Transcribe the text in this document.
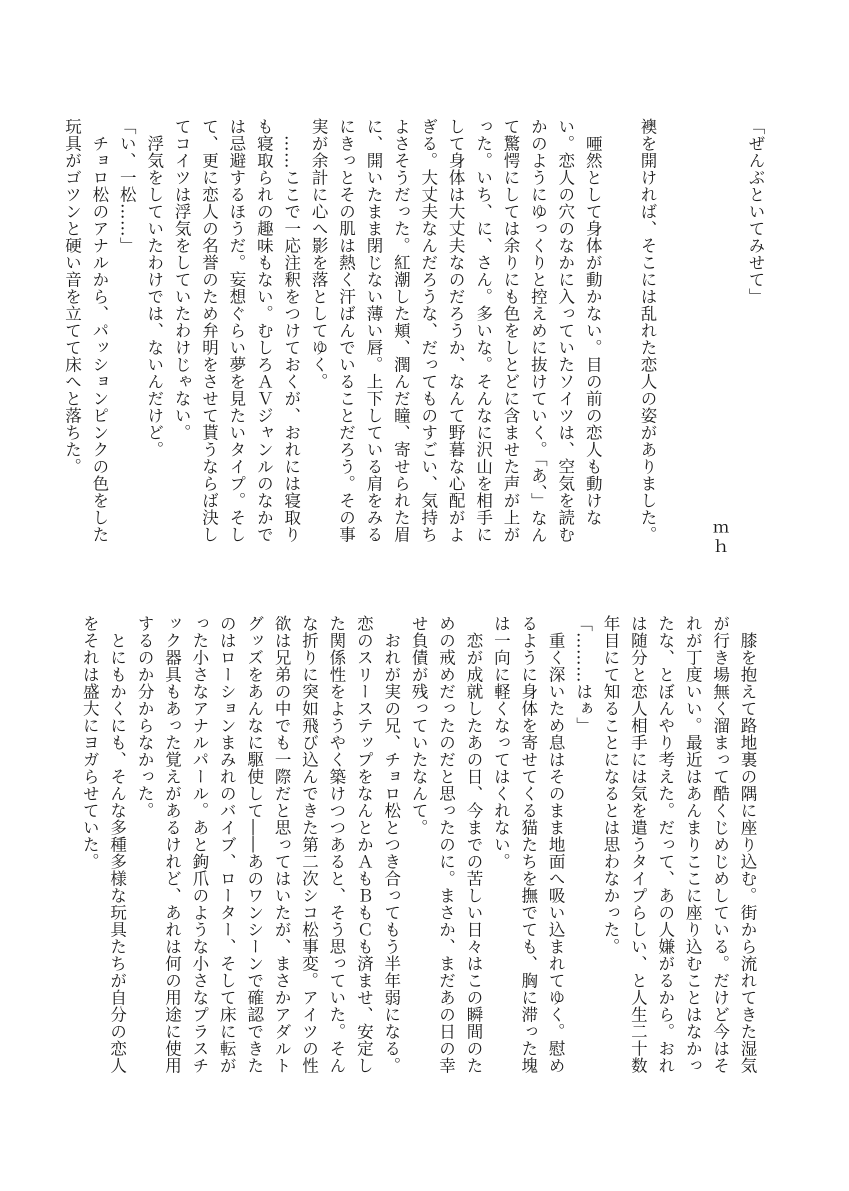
「ぜんぶといてみせて」

ｍｈ

襖を開ければ、そこには乱れた恋人の姿がありました。

　唖然として身体が動かない。目の前の恋人も動けない。恋人の穴のなかに入っていたソイツは、空気を読むかのようにゆっくりと控えめに抜けていく。「あ、」なんて驚愕にしては余りにも色をしとどに含ませた声が上がった。いち、に、さん。多いな。そんなに沢山を相手にして身体は大丈夫なのだろうか、なんて野暮な心配がよぎる。大丈夫なんだろうな、だってものすごい、気持ちよさそうだった。紅潮した頬、潤んだ瞳、寄せられた眉に、開いたまま閉じない薄い唇。上下している肩をみるにきっとその肌は熱く汗ばんでいることだろう。その事実が余計に心へ影を落としてゆく。

　……ここで一応注釈をつけておくが、おれには寝取りも寝取られの趣味もない。むしろＡＶジャンルのなかでは忌避するほうだ。妄想ぐらい夢を見たいタイプ。そして、更に恋人の名誉のため弁明をさせて貰うならば決してコイツは浮気をしていたわけじゃない。

　浮気をしていたわけでは、ないんだけど。

「い、一松……」

　チョロ松のアナルから、パッションピンクの色をした玩具がゴツンと硬い音を立てて床へと落ちた。

　膝を抱えて路地裏の隅に座り込む。街から流れてきた湿気が行き場無く溜まって酷くじめじめしている。だけど今はそれが丁度いい。最近はあんまりここに座り込むことはなかったな、とぼんやり考えた。だって、あの人嫌がるから。おれは随分と恋人相手には気を遣うタイプらしい、と人生二十数年目にて知ることになるとは思わなかった。

「………はぁ」

　重く深いため息はそのまま地面へ吸い込まれてゆく。慰めるように身体を寄せてくる猫たちを撫でても、胸に滞った塊は一向に軽くなってはくれない。

　恋が成就したあの日、今までの苦しい日々はこの瞬間のための戒めだったのだと思ったのに。まさか、まだあの日の幸せ負債が残っていたなんて。

　おれが実の兄、チョロ松とつき合ってもう半年弱になる。恋のスリーステップをなんとかＡもＢもＣも済ませ、安定した関係性をようやく築けつつあると、そう思っていた。そんな折りに突如飛び込んできた第二次シコ松事変。アイツの性欲は兄弟の中でも一際だと思ってはいたが、まさかアダルトグッズをあんなに駆使して――あのワンシーンで確認できたのはローションまみれのバイブ、ローター、そして床に転がった小さなアナルパール。あと鉤爪のような小さなプラスチック器具もあった覚えがあるけれど、あれは何の用途に使用するのか分からなかった。

　とにもかくにも、そんな多種多様な玩具たちが自分の恋人をそれは盛大にヨガらせていた。
